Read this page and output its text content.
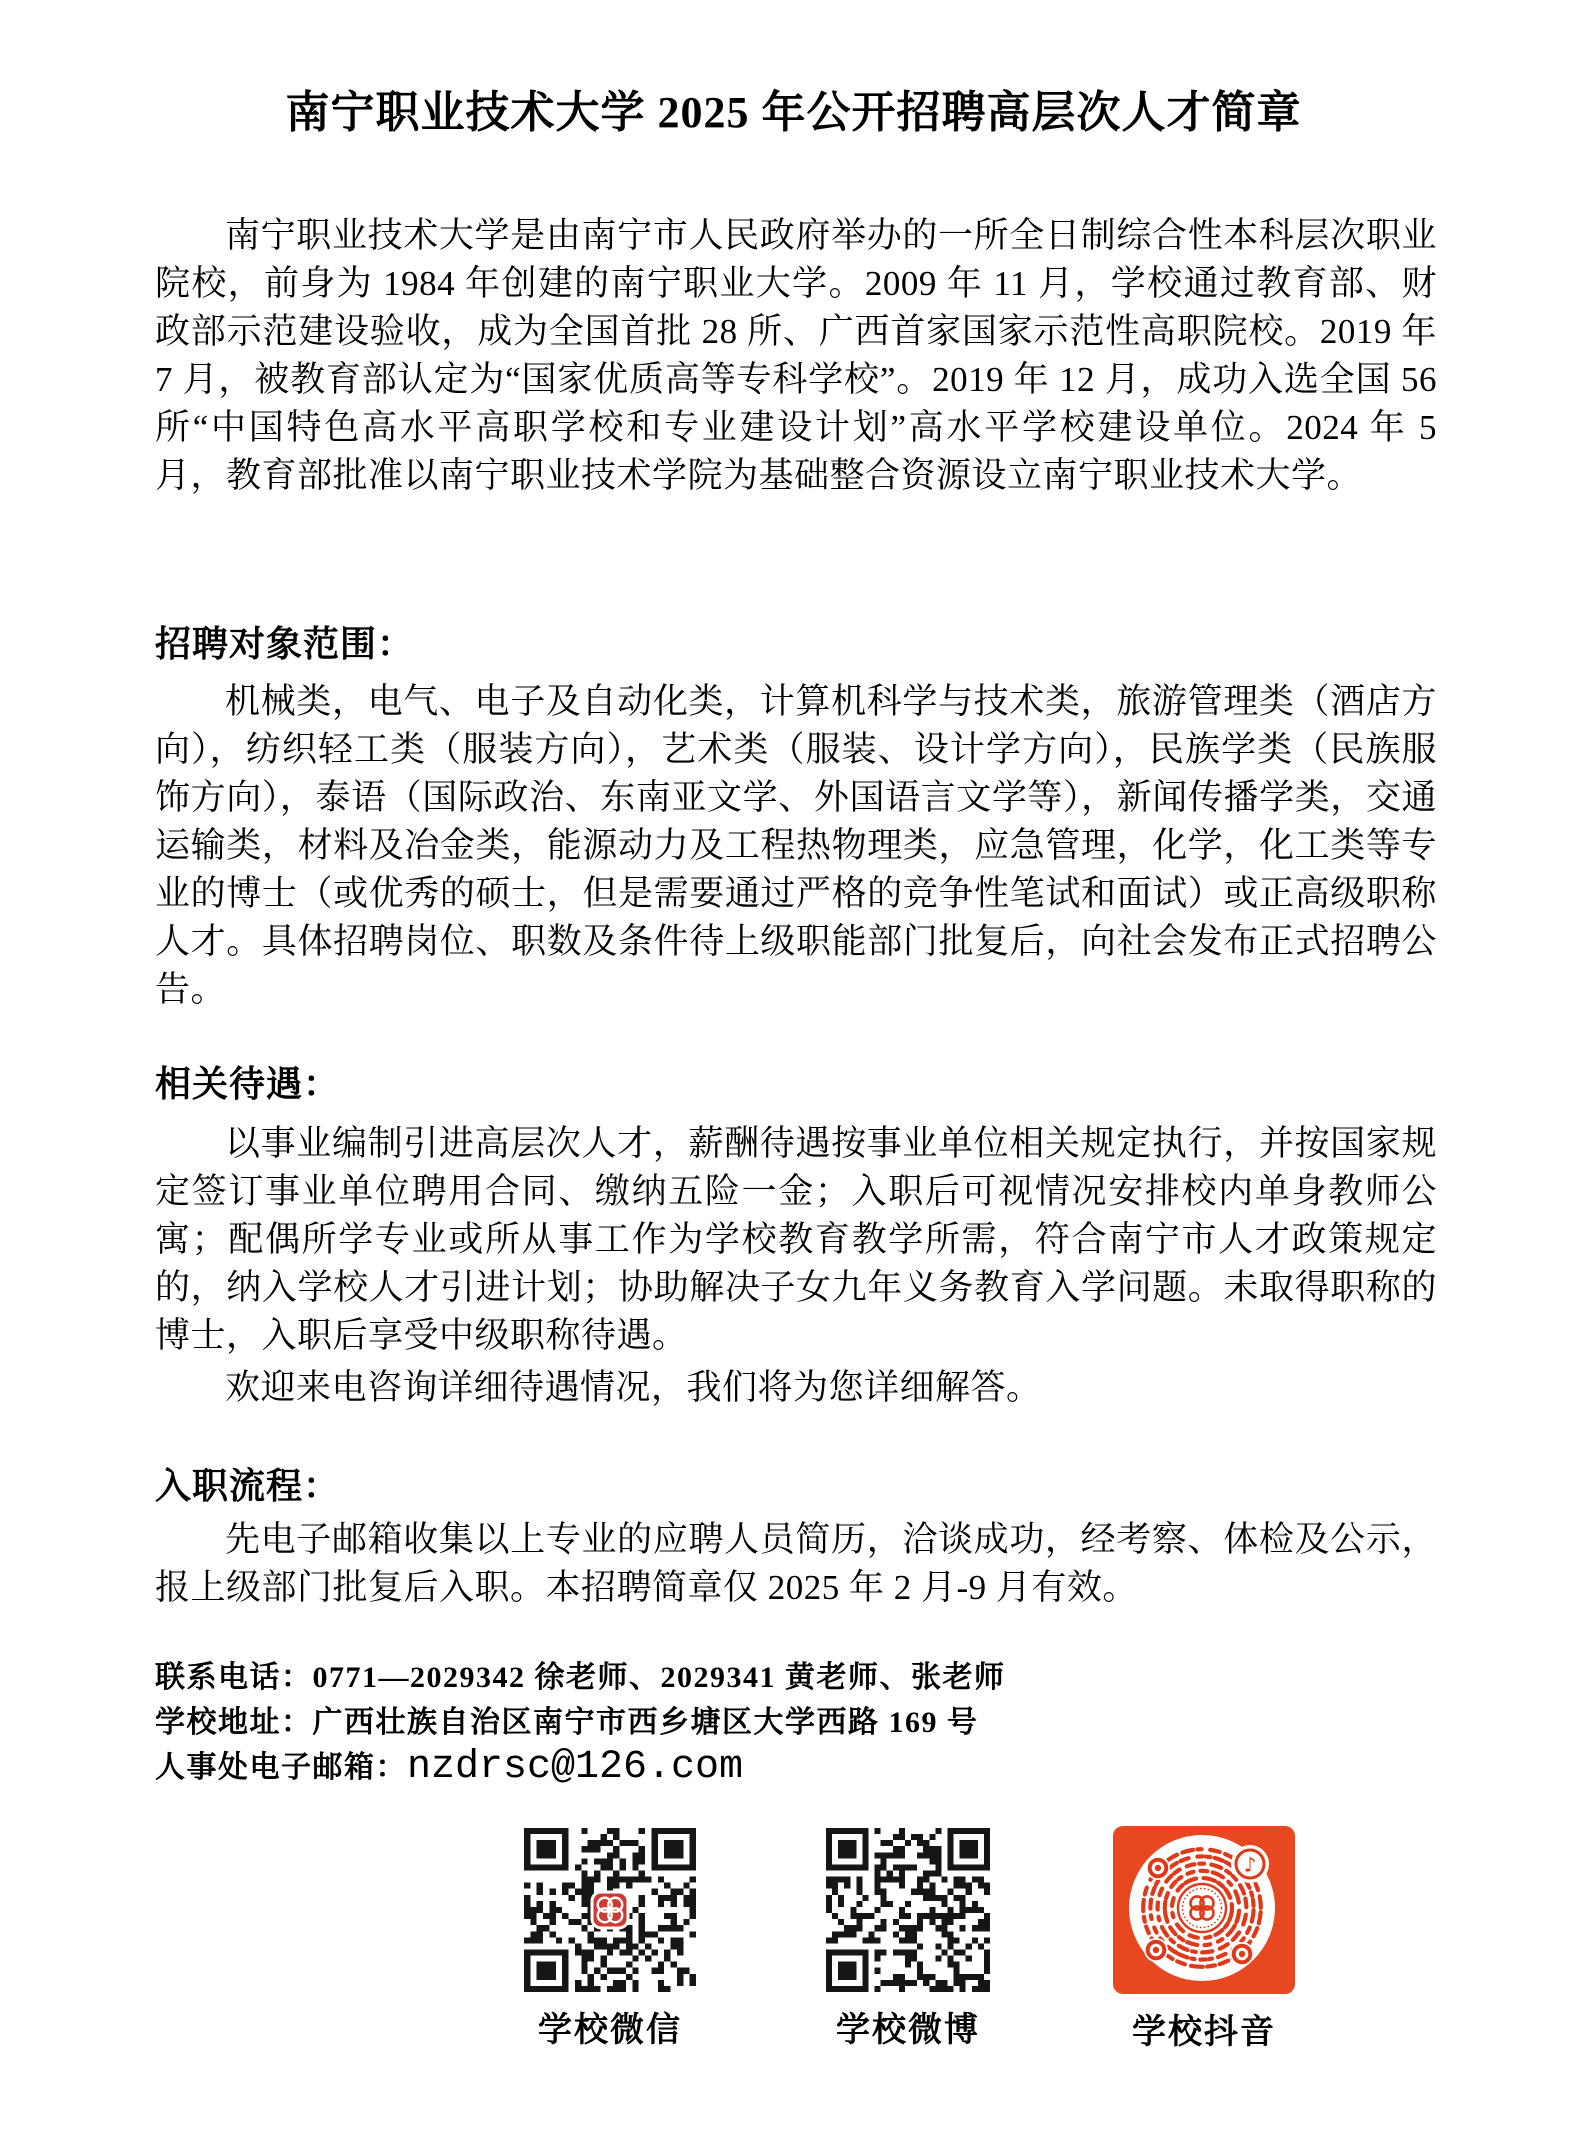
南宁职业技术大学 2025 年公开招聘高层次人才简章
南宁职业技术大学是由南宁市人民政府举办的一所全日制综合性本科层次职业院校，前身为 1984 年创建的南宁职业大学。2009 年 11 月，学校通过教育部、财政部示范建设验收，成为全国首批 28 所、广西首家国家示范性高职院校。2019 年 7 月，被教育部认定为“国家优质高等专科学校”。2019 年 12 月，成功入选全国 56 所“中国特色高水平高职学校和专业建设计划”高水平学校建设单位。2024 年 5 月，教育部批准以南宁职业技术学院为基础整合资源设立南宁职业技术大学。
招聘对象范围：
机械类，电气、电子及自动化类，计算机科学与技术类，旅游管理类（酒店方向），纺织轻工类（服装方向），艺术类（服装、设计学方向），民族学类（民族服饰方向），泰语（国际政治、东南亚文学、外国语言文学等），新闻传播学类，交通运输类，材料及冶金类，能源动力及工程热物理类，应急管理，化学，化工类等专业的博士（或优秀的硕士，但是需要通过严格的竞争性笔试和面试）或正高级职称人才。具体招聘岗位、职数及条件待上级职能部门批复后，向社会发布正式招聘公告。
相关待遇：
以事业编制引进高层次人才，薪酬待遇按事业单位相关规定执行，并按国家规定签订事业单位聘用合同、缴纳五险一金；入职后可视情况安排校内单身教师公寓；配偶所学专业或所从事工作为学校教育教学所需，符合南宁市人才政策规定的，纳入学校人才引进计划；协助解决子女九年义务教育入学问题。未取得职称的博士，入职后享受中级职称待遇。
欢迎来电咨询详细待遇情况，我们将为您详细解答。
入职流程：
先电子邮箱收集以上专业的应聘人员简历，洽谈成功，经考察、体检及公示，报上级部门批复后入职。本招聘简章仅 2025 年 2 月-9 月有效。
联系电话：0771—2029342 徐老师、2029341 黄老师、张老师
学校地址：广西壮族自治区南宁市西乡塘区大学西路 169 号
人事处电子邮箱：nzdrsc@126.com
学校微信	学校微博
♪
学校抖音
